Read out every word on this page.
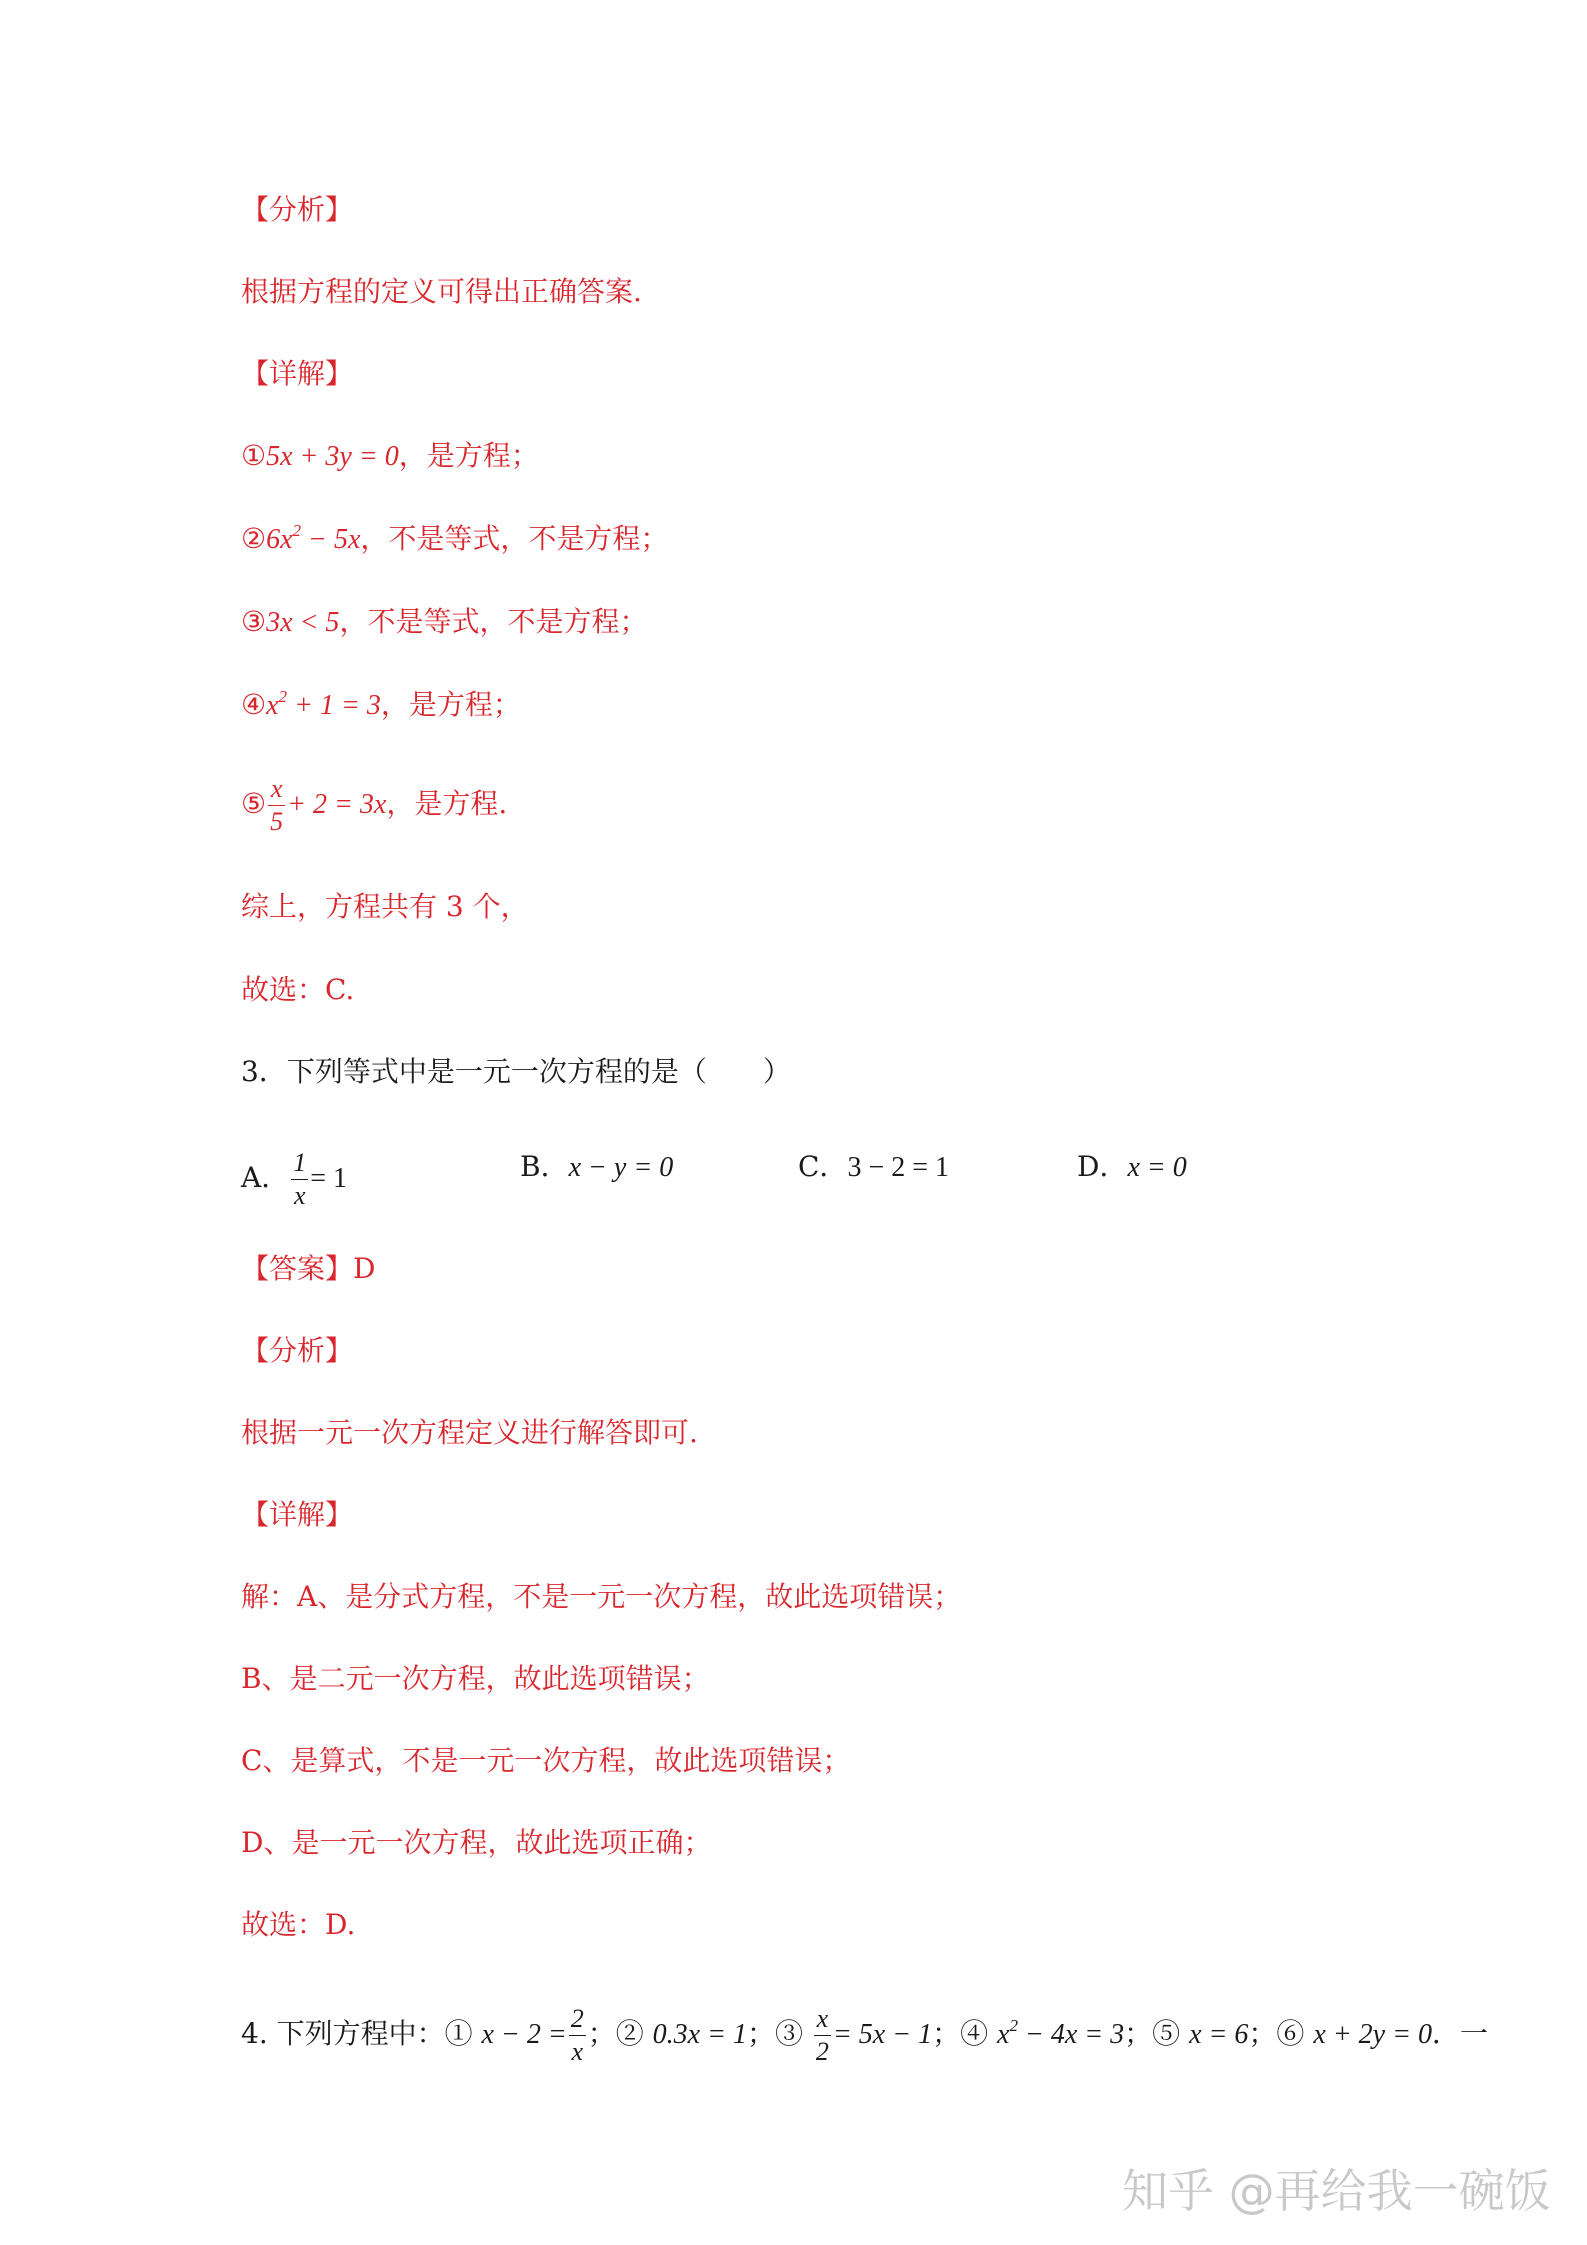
【分析】
根据方程的定义可得出正确答案.
【详解】
①5x + 3y = 0，是方程；
$②6x^2 - 5x$，不是等式，不是方程；
③3x < 5，不是等式，不是方程；
$④x^2 + 1 = 3$，是方程；
⑤ $\frac{x}{5} + 2 = 3x$，是方程.
综上，方程共有 3 个，
故选：C.
3．下列等式中是一元一次方程的是（　　）
A． $\frac{1}{x} = 1$	B．x − y = 0	C．3 − 2 = 1	D．x = 0
【答案】D
【分析】
根据一元一次方程定义进行解答即可.
【详解】
解：A、是分式方程，不是一元一次方程，故此选项错误；
B、是二元一次方程，故此选项错误；
C、是算式，不是一元一次方程，故此选项错误；
D、是一元一次方程，故此选项正确；
故选：D.
4. 下列方程中：① $x - 2 = \frac{2}{x}$ ；② 0.3x = 1；③ $\frac{x}{2} = 5x - 1$；④ $x^2 - 4x = 3$；⑤ x = 6；⑥ x + 2y = 0．一
知乎 @再给我一碗饭
